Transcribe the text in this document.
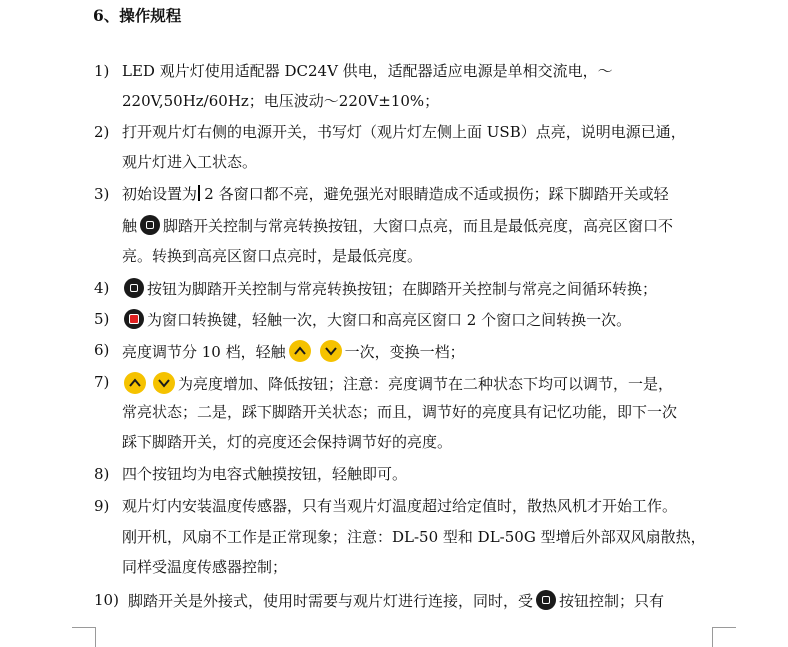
6、操作规程
1) LED 观片灯使用适配器 DC24V 供电，适配器适应电源是单相交流电，～
220V,50Hz/60Hz；电压波动～220V±10%；
2) 打开观片灯右侧的电源开关，书写灯（观片灯左侧上面 USB）点亮，说明电源已通，
观片灯进入工状态。
3) 初始设置为 2 各窗口都不亮，避免强光对眼睛造成不适或损伤；踩下脚踏开关或轻
触 脚踏开关控制与常亮转换按钮，大窗口点亮，而且是最低亮度，高亮区窗口不
亮。转换到高亮区窗口点亮时，是最低亮度。
4)	按钮为脚踏开关控制与常亮转换按钮；在脚踏开关控制与常亮之间循环转换；
5)	为窗口转换键，轻触一次，大窗口和高亮区窗口 2 个窗口之间转换一次。
6) 亮度调节分 10 档，轻触	一次，变换一档；
7)	为亮度增加、降低按钮；注意：亮度调节在二种状态下均可以调节，一是，
常亮状态；二是，踩下脚踏开关状态；而且，调节好的亮度具有记忆功能，即下一次
踩下脚踏开关，灯的亮度还会保持调节好的亮度。
8) 四个按钮均为电容式触摸按钮，轻触即可。
9) 观片灯内安装温度传感器，只有当观片灯温度超过给定值时，散热风机才开始工作。
刚开机，风扇不工作是正常现象；注意：DL-50 型和 DL-50G 型增后外部双风扇散热，
同样受温度传感器控制；
10) 脚踏开关是外接式，使用时需要与观片灯进行连接，同时，受 按钮控制；只有
